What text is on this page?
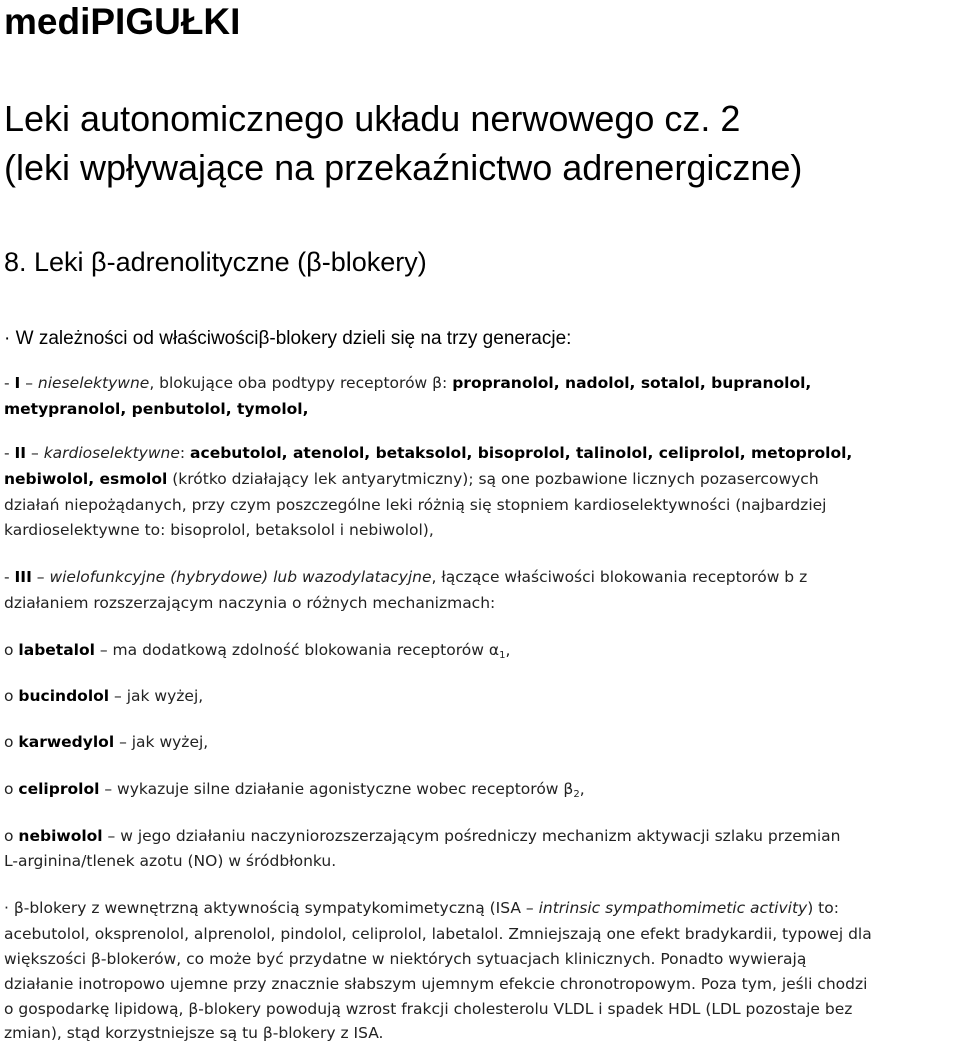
mediPIGUŁKI
Leki autonomicznego układu nerwowego cz. 2
(leki wpływające na przekaźnictwo adrenergiczne)
8. Leki β-adrenolityczne (β-blokery)
· W zależności od właściwościβ-blokery dzieli się na trzy generacje:
- I – nieselektywne, blokujące oba podtypy receptorów β: propranolol, nadolol, sotalol, bupranolol,
metypranolol, penbutolol, tymolol,
- II – kardioselektywne: acebutolol, atenolol, betaksolol, bisoprolol, talinolol, celiprolol, metoprolol,
nebiwolol, esmolol (krótko działający lek antyarytmiczny); są one pozbawione licznych pozasercowych
działań niepożądanych, przy czym poszczególne leki różnią się stopniem kardioselektywności (najbardziej
kardioselektywne to: bisoprolol, betaksolol i nebiwolol),
- III – wielofunkcyjne (hybrydowe) lub wazodylatacyjne, łączące właściwości blokowania receptorów b z
działaniem rozszerzającym naczynia o różnych mechanizmach:
o labetalol – ma dodatkową zdolność blokowania receptorów $\alpha_1$,
o bucindolol – jak wyżej,
o karwedylol – jak wyżej,
o celiprolol – wykazuje silne działanie agonistyczne wobec receptorów $\beta_2$,
o nebiwolol – w jego działaniu naczyniorozszerzającym pośredniczy mechanizm aktywacji szlaku przemian
L-arginina/tlenek azotu (NO) w śródbłonku.
· β-blokery z wewnętrzną aktywnością sympatykomimetyczną (ISA – intrinsic sympathomimetic activity) to:
acebutolol, oksprenolol, alprenolol, pindolol, celiprolol, labetalol. Zmniejszają one efekt bradykardii, typowej dla
większości β-blokerów, co może być przydatne w niektórych sytuacjach klinicznych. Ponadto wywierają
działanie inotropowo ujemne przy znacznie słabszym ujemnym efekcie chronotropowym. Poza tym, jeśli chodzi
o gospodarkę lipidową, β-blokery powodują wzrost frakcji cholesterolu VLDL i spadek HDL (LDL pozostaje bez
zmian), stąd korzystniejsze są tu β-blokery z ISA.
